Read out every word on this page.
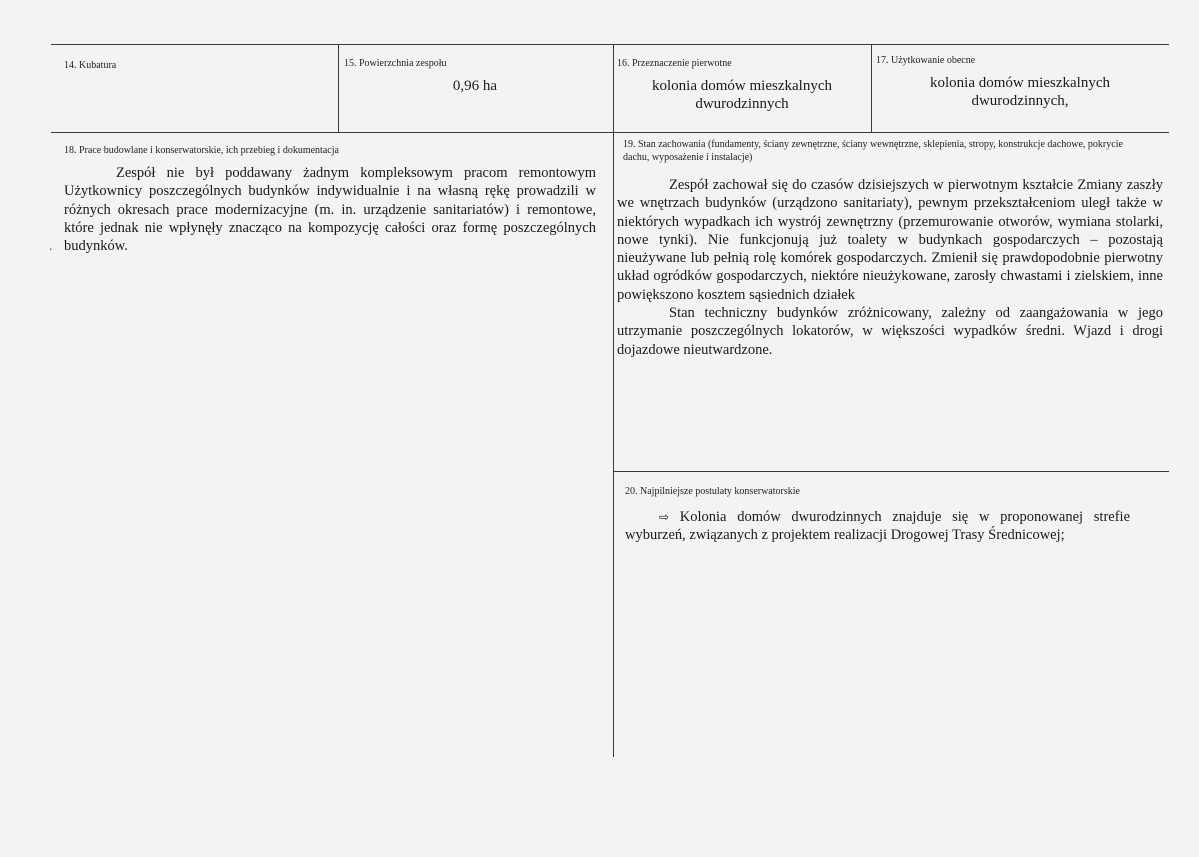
14. Kubatura	15. Powierzchnia zespołu
0,96 ha
16. Przeznaczenie pierwotne
kolonia domów mieszkalnych
dwurodzinnych
17. Użytkowanie obecne
kolonia domów mieszkalnych
dwurodzinnych,
18. Prace budowlane i konserwatorskie, ich przebieg i dokumentacja

Zespół nie był poddawany żadnym kompleksowym pracom remontowym Użytkownicy poszczególnych budynków indywidualnie i na własną rękę prowadzili w różnych okresach prace modernizacyjne (m. in. urządzenie sanitariatów) i remontowe, które jednak nie wpłynęły znacząco na kompozycję całości oraz formę poszczególnych budynków.

.
19. Stan zachowania (fundamenty, ściany zewnętrzne, ściany wewnętrzne, sklepienia, stropy, konstrukcje dachowe, pokrycie dachu, wyposażenie i instalacje)

Zespół zachował się do czasów dzisiejszych w pierwotnym kształcie Zmiany zaszły we wnętrzach budynków (urządzono sanitariaty), pewnym przekształceniom uległ także w niektórych wypadkach ich wystrój zewnętrzny (przemurowanie otworów, wymiana stolarki, nowe tynki). Nie funkcjonują już toalety w budynkach gospodarczych – pozostają nieużywane lub pełnią rolę komórek gospodarczych. Zmienił się prawdopodobnie pierwotny układ ogródków gospodarczych, niektóre nieużykowane, zarosły chwastami i zielskiem, inne powiększono kosztem sąsiednich działek

Stan techniczny budynków zróżnicowany, zależny od zaangażowania w jego utrzymanie poszczególnych lokatorów, w większości wypadków średni. Wjazd i drogi dojazdowe nieutwardzone.

20. Najpilniejsze postulaty konserwatorskie

⇨ Kolonia domów dwurodzinnych znajduje się w proponowanej strefie wyburzeń, związanych z projektem realizacji Drogowej Trasy Średnicowej;
